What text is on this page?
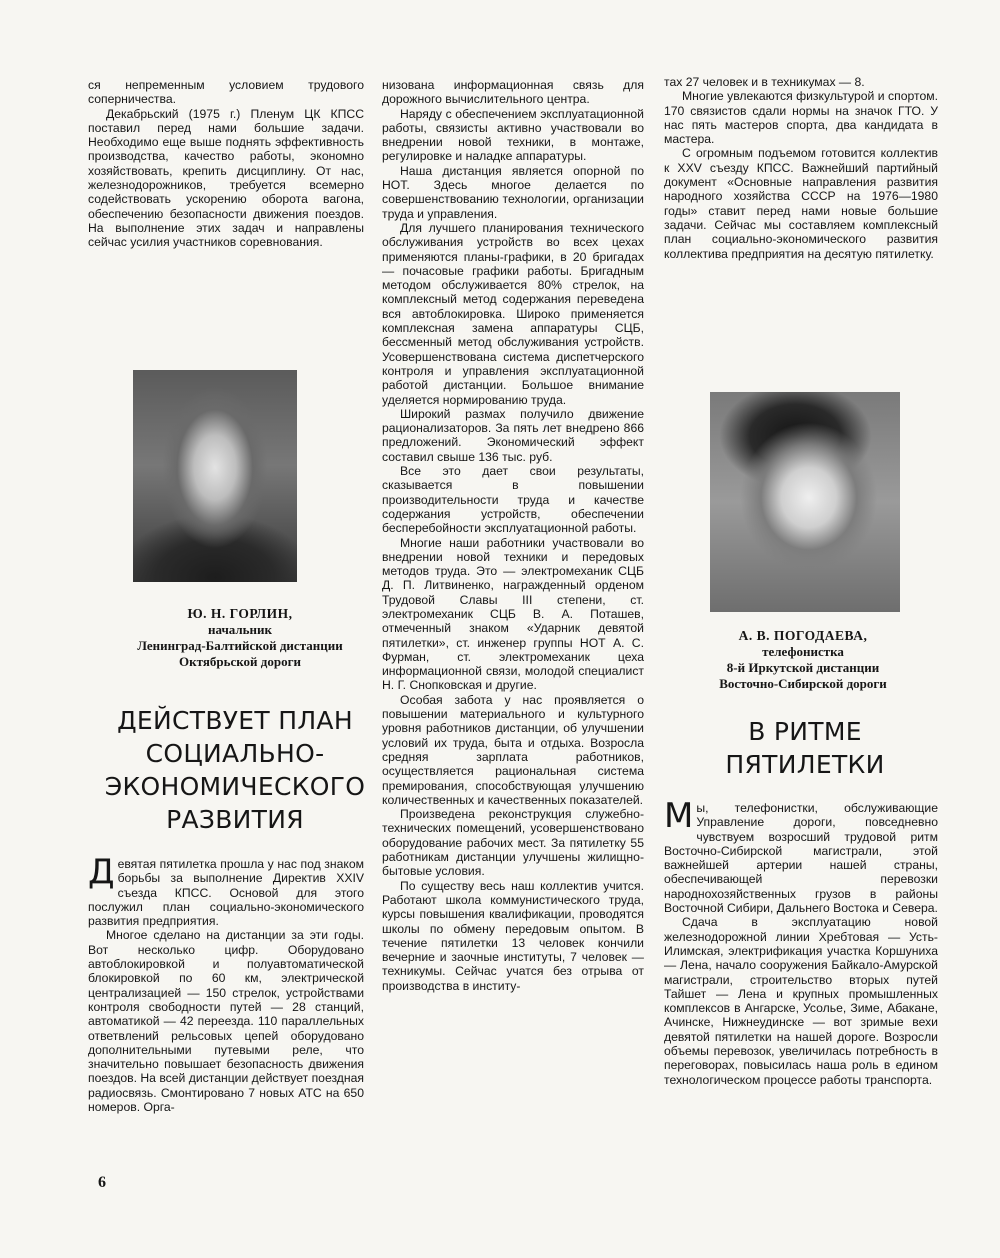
ся непременным условием трудового соперничества.

Декабрьский (1975 г.) Пленум ЦК КПСС поставил перед нами большие задачи. Необходимо еще выше поднять эффективность производства, качество работы, экономно хозяйствовать, крепить дисциплину. От нас, железнодорожников, требуется всемерно содействовать ускорению оборота вагона, обеспечению безопасности движения поездов. На выполнение этих задач и направлены сейчас усилия участников соревнования.

Ю. Н. ГОРЛИН,
начальник
Ленинград-Балтийской дистанции
Октябрьской дороги
ДЕЙСТВУЕТ ПЛАН
СОЦИАЛЬНО-
ЭКОНОМИЧЕСКОГО
РАЗВИТИЯ

Девятая пятилетка прошла у нас под знаком борьбы за выполнение Директив XXIV съезда КПСС. Основой для этого послужил план социально-экономического развития предприятия.

Многое сделано на дистанции за эти годы. Вот несколько цифр. Оборудовано автоблокировкой и полуавтоматической блокировкой по 60 км, электрической централизацией — 150 стрелок, устройствами контроля свободности путей — 28 станций, автоматикой — 42 переезда. 110 параллельных ответвлений рельсовых цепей оборудовано дополнительными путевыми реле, что значительно повышает безопасность движения поездов. На всей дистанции действует поездная радиосвязь. Смонтировано 7 новых АТС на 650 номеров. Орга-

низована информационная связь для дорожного вычислительного центра.

Наряду с обеспечением эксплуатационной работы, связисты активно участвовали во внедрении новой техники, в монтаже, регулировке и наладке аппаратуры.

Наша дистанция является опорной по НОТ. Здесь многое делается по совершенствованию технологии, организации труда и управления.

Для лучшего планирования технического обслуживания устройств во всех цехах применяются планы-графики, в 20 бригадах — почасовые графики работы. Бригадным методом обслуживается 80% стрелок, на комплексный метод содержания переведена вся автоблокировка. Широко применяется комплексная замена аппаратуры СЦБ, бессменный метод обслуживания устройств. Усовершенствована система диспетчерского контроля и управления эксплуатационной работой дистанции. Большое внимание уделяется нормированию труда.

Широкий размах получило движение рационализаторов. За пять лет внедрено 866 предложений. Экономический эффект составил свыше 136 тыс. руб.

Все это дает свои результаты, сказывается в повышении производительности труда и качестве содержания устройств, обеспечении бесперебойности эксплуатационной работы.

Многие наши работники участвовали во внедрении новой техники и передовых методов труда. Это — электромеханик СЦБ Д. П. Литвиненко, награжденный орденом Трудовой Славы III степени, ст. электромеханик СЦБ В. А. Поташев, отмеченный знаком «Ударник девятой пятилетки», ст. инженер группы НОТ А. С. Фурман, ст. электромеханик цеха информационной связи, молодой специалист Н. Г. Снопковская и другие.

Особая забота у нас проявляется о повышении материального и культурного уровня работников дистанции, об улучшении условий их труда, быта и отдыха. Возросла средняя зарплата работников, осуществляется рациональная система премирования, способствующая улучшению количественных и качественных показателей.

Произведена реконструкция служебно-технических помещений, усовершенствовано оборудование рабочих мест. За пятилетку 55 работникам дистанции улучшены жилищно-бытовые условия.

По существу весь наш коллектив учится. Работают школа коммунистического труда, курсы повышения квалификации, проводятся школы по обмену передовым опытом. В течение пятилетки 13 человек кончили вечерние и заочные институты, 7 человек — техникумы. Сейчас учатся без отрыва от производства в институ-

тах 27 человек и в техникумах — 8.

Многие увлекаются физкультурой и спортом. 170 связистов сдали нормы на значок ГТО. У нас пять мастеров спорта, два кандидата в мастера.

С огромным подъемом готовится коллектив к XXV съезду КПСС. Важнейший партийный документ «Основные направления развития народного хозяйства СССР на 1976—1980 годы» ставит перед нами новые большие задачи. Сейчас мы составляем комплексный план социально-экономического развития коллектива предприятия на десятую пятилетку.

А. В. ПОГОДАЕВА,
телефонистка
8-й Иркутской дистанции
Восточно-Сибирской дороги
В РИТМЕ
ПЯТИЛЕТКИ

Мы, телефонистки, обслуживающие Управление дороги, повседневно чувствуем возросший трудовой ритм Восточно-Сибирской магистрали, этой важнейшей артерии нашей страны, обеспечивающей перевозки народнохозяйственных грузов в районы Восточной Сибири, Дальнего Востока и Севера.

Сдача в эксплуатацию новой железнодорожной линии Хребтовая — Усть-Илимская, электрификация участка Коршуниха — Лена, начало сооружения Байкало-Амурской магистрали, строительство вторых путей Тайшет — Лена и крупных промышленных комплексов в Ангарске, Усолье, Зиме, Абакане, Ачинске, Нижнеудинске — вот зримые вехи девятой пятилетки на нашей дороге. Возросли объемы перевозок, увеличилась потребность в переговорах, повысилась наша роль в едином технологическом процессе работы транспорта.

6
